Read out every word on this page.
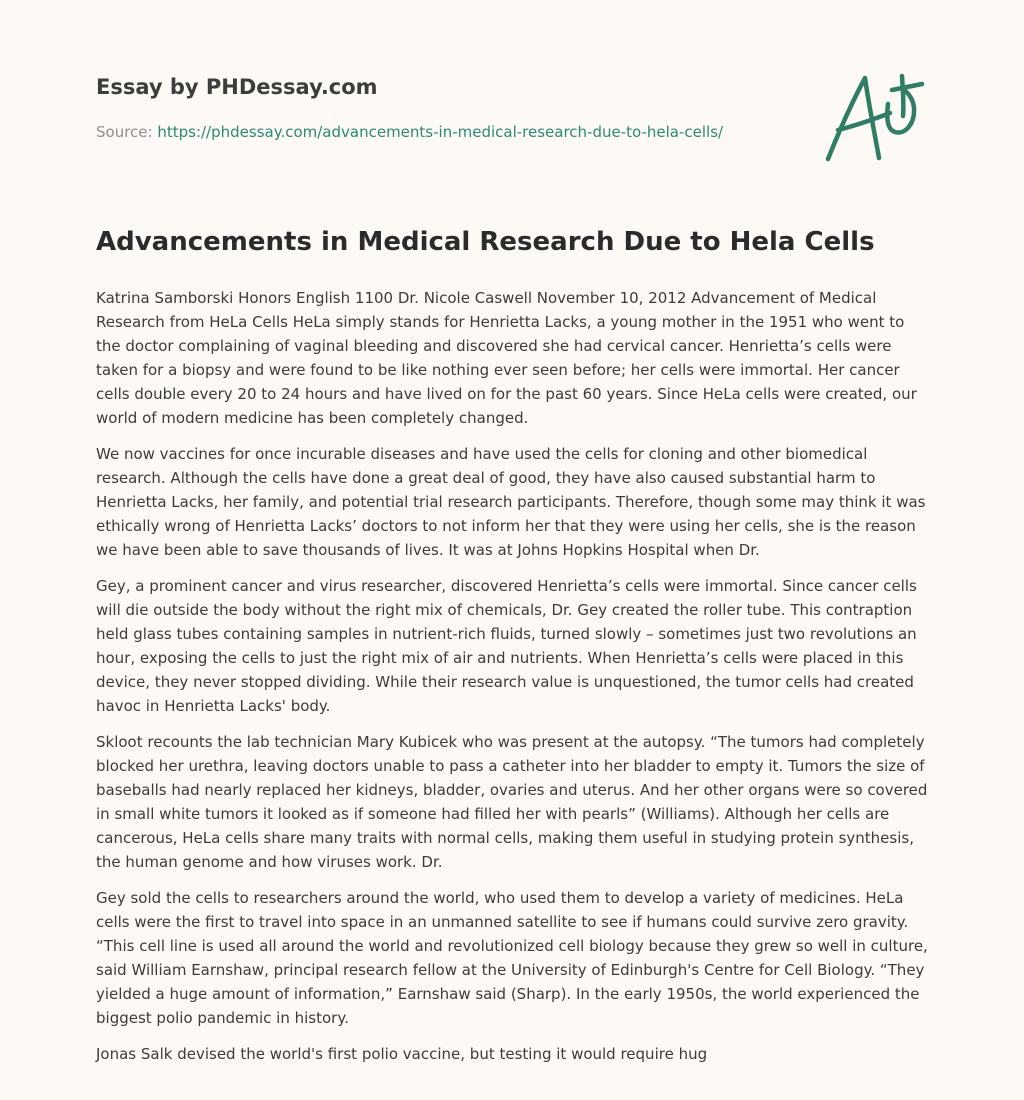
Essay by PHDessay.com
Source: https://phdessay.com/advancements-in-medical-research-due-to-hela-cells/
Advancements in Medical Research Due to Hela Cells

Katrina Samborski Honors English 1100 Dr. Nicole Caswell November 10, 2012 Advancement of Medical Research from HeLa Cells HeLa simply stands for Henrietta Lacks, a young mother in the 1951 who went to the doctor complaining of vaginal bleeding and discovered she had cervical cancer. Henrietta’s cells were taken for a biopsy and were found to be like nothing ever seen before; her cells were immortal. Her cancer cells double every 20 to 24 hours and have lived on for the past 60 years. Since HeLa cells were created, our world of modern medicine has been completely changed.

We now vaccines for once incurable diseases and have used the cells for cloning and other biomedical research. Although the cells have done a great deal of good, they have also caused substantial harm to Henrietta Lacks, her family, and potential trial research participants. Therefore, though some may think it was ethically wrong of Henrietta Lacks’ doctors to not inform her that they were using her cells, she is the reason we have been able to save thousands of lives. It was at Johns Hopkins Hospital when Dr.

Gey, a prominent cancer and virus researcher, discovered Henrietta’s cells were immortal. Since cancer cells will die outside the body without the right mix of chemicals, Dr. Gey created the roller tube. This contraption held glass tubes containing samples in nutrient-rich fluids, turned slowly – sometimes just two revolutions an hour, exposing the cells to just the right mix of air and nutrients. When Henrietta’s cells were placed in this device, they never stopped dividing. While their research value is unquestioned, the tumor cells had created havoc in Henrietta Lacks' body.

Skloot recounts the lab technician Mary Kubicek who was present at the autopsy. “The tumors had completely blocked her urethra, leaving doctors unable to pass a catheter into her bladder to empty it. Tumors the size of baseballs had nearly replaced her kidneys, bladder, ovaries and uterus. And her other organs were so covered in small white tumors it looked as if someone had filled her with pearls” (Williams). Although her cells are cancerous, HeLa cells share many traits with normal cells, making them useful in studying protein synthesis, the human genome and how viruses work. Dr.

Gey sold the cells to researchers around the world, who used them to develop a variety of medicines. HeLa cells were the first to travel into space in an unmanned satellite to see if humans could survive zero gravity. “This cell line is used all around the world and revolutionized cell biology because they grew so well in culture, said William Earnshaw, principal research fellow at the University of Edinburgh's Centre for Cell Biology. “They yielded a huge amount of information,” Earnshaw said (Sharp). In the early 1950s, the world experienced the biggest polio pandemic in history.

Jonas Salk devised the world's first polio vaccine, but testing it would require hug
